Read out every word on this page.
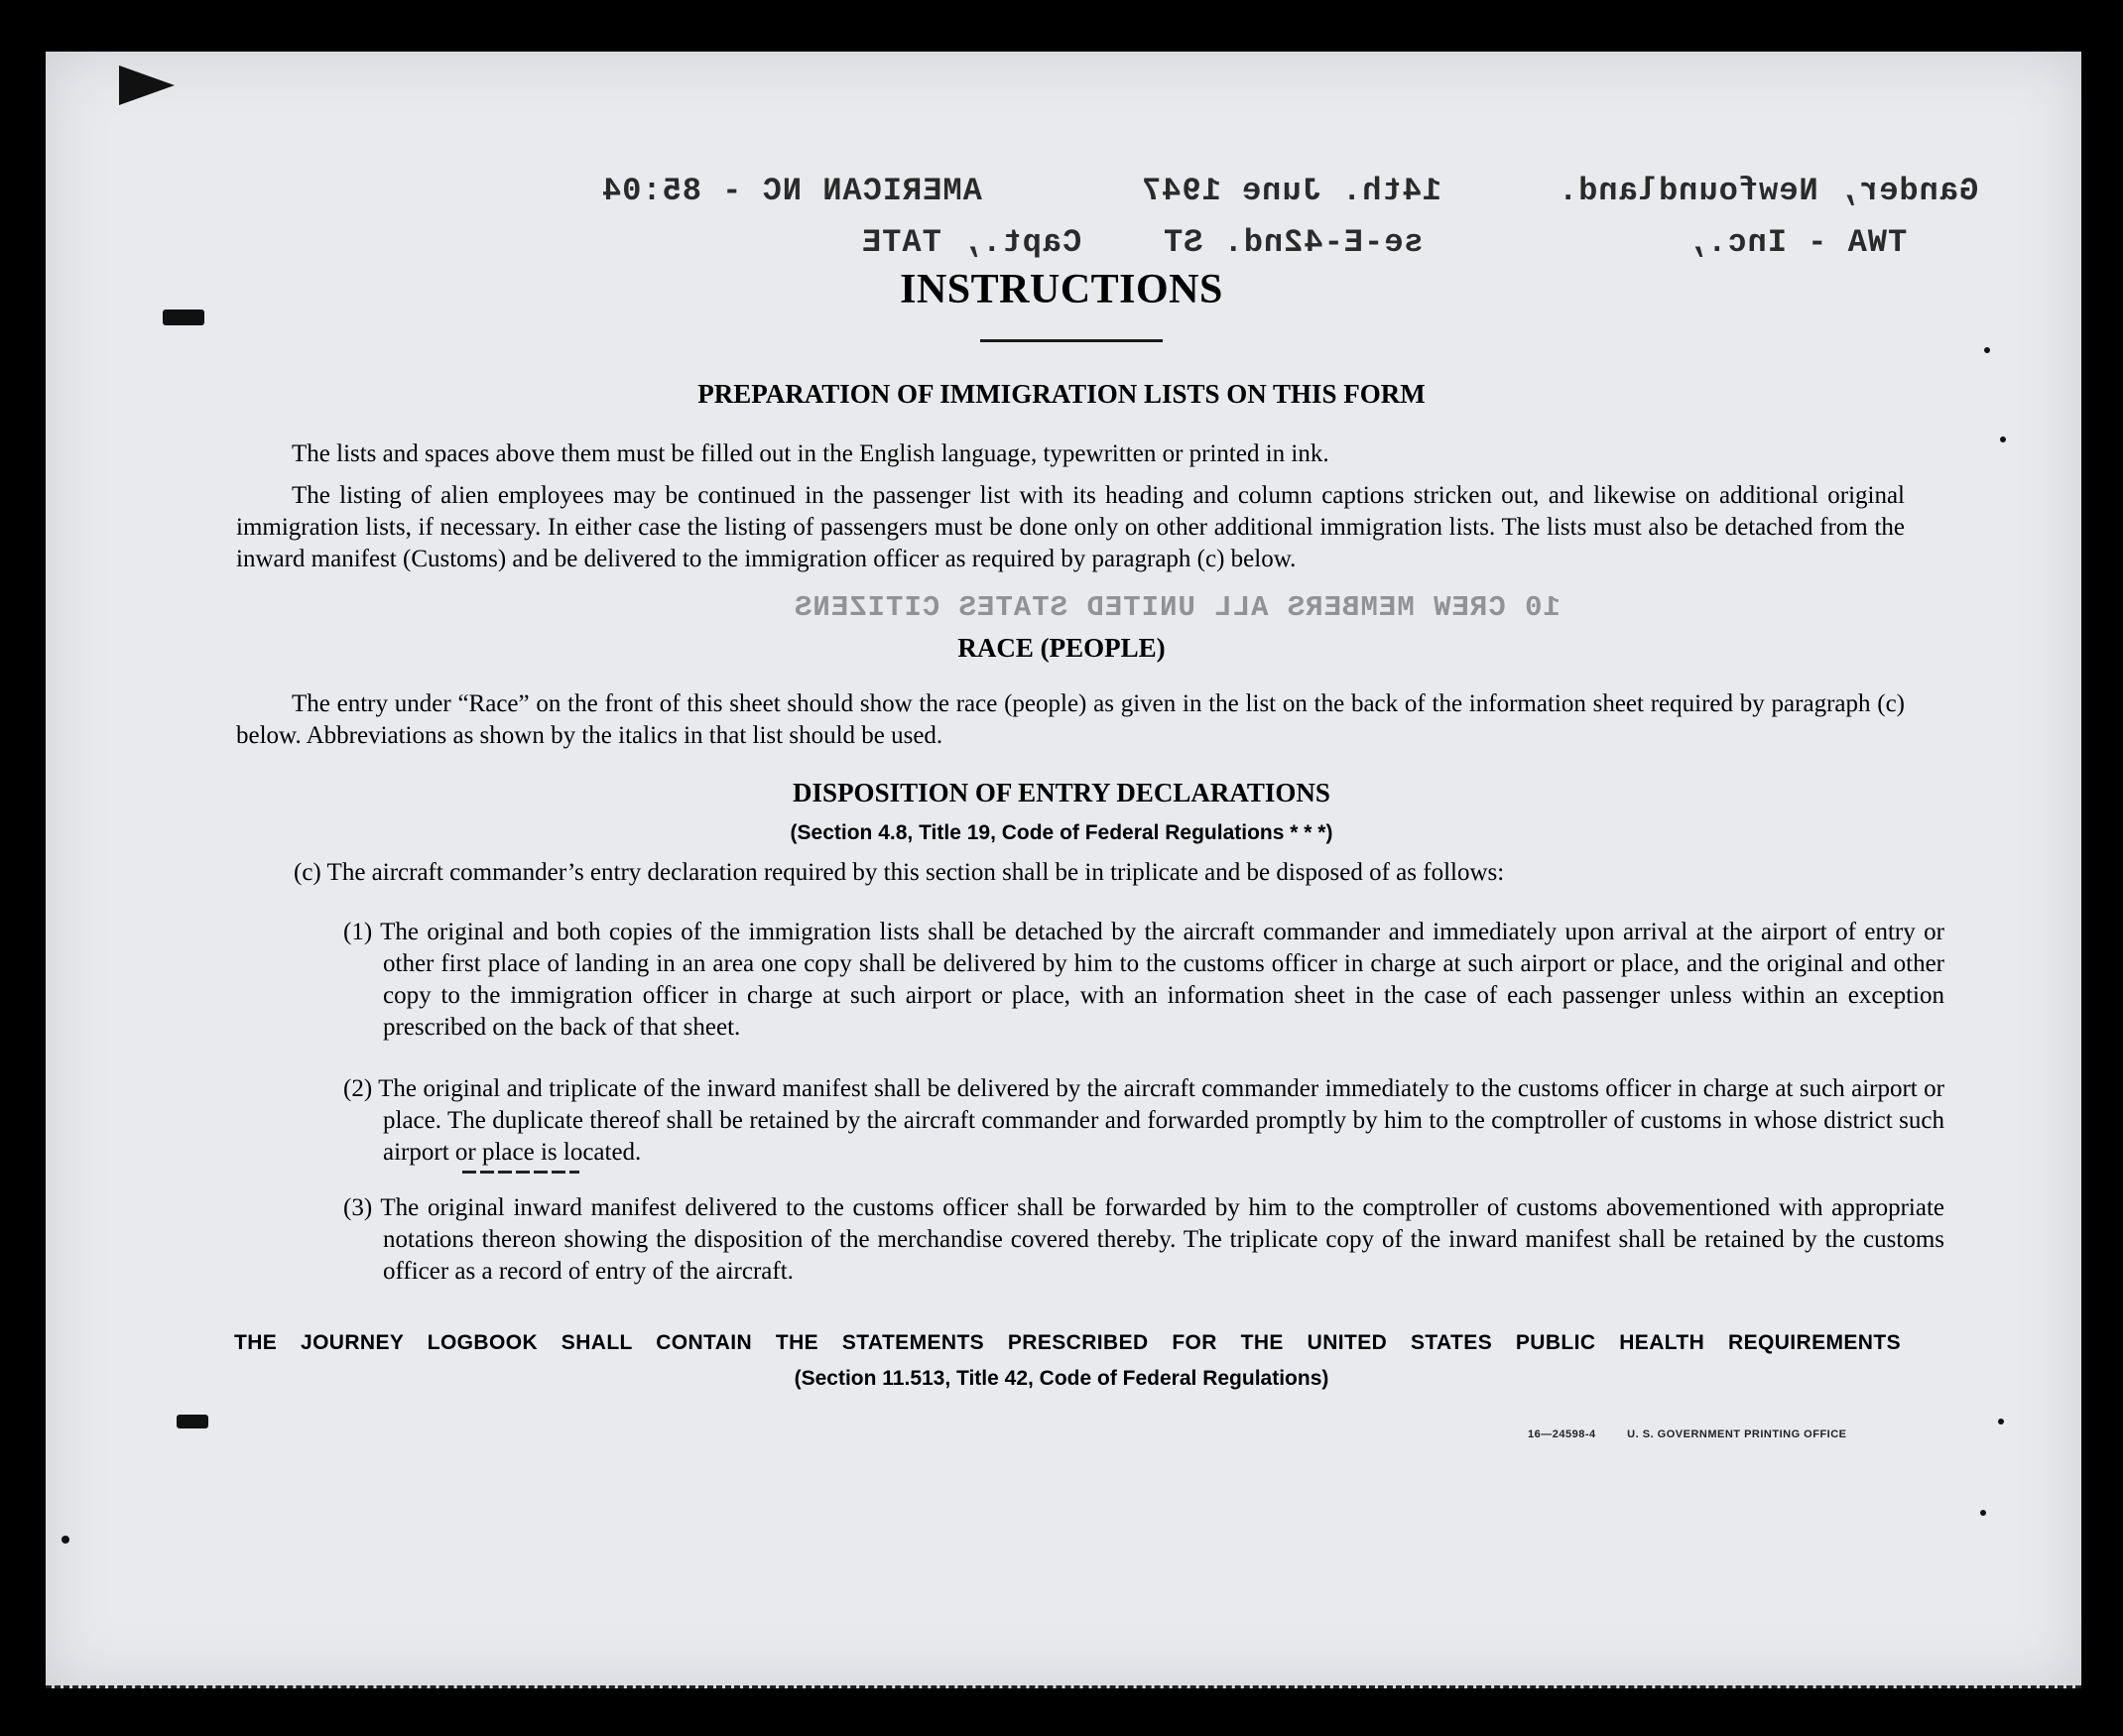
AMERICAN NC - 85:04	14th. June 1947	Gander, Newfoundland.
Capt., TATE	se-E-42nd. ST	TWA - Inc.,
10 CREW MEMBERS ALL UNITED STATES CITIZENS
INSTRUCTIONS
PREPARATION OF IMMIGRATION LISTS ON THIS FORM
The lists and spaces above them must be filled out in the English language, typewritten or printed in ink.
The listing of alien employees may be continued in the passenger list with its heading and column captions stricken out, and likewise on additional original immigration lists, if necessary. In either case the listing of passengers must be done only on other additional immigration lists. The lists must also be detached from the inward manifest (Customs) and be delivered to the immigration officer as required by paragraph (c) below.
RACE (PEOPLE)
The entry under “Race” on the front of this sheet should show the race (people) as given in the list on the back of the information sheet required by paragraph (c) below. Abbreviations as shown by the italics in that list should be used.
DISPOSITION OF ENTRY DECLARATIONS
(Section 4.8, Title 19, Code of Federal Regulations * * *)
(c) The aircraft commander’s entry declaration required by this section shall be in triplicate and be disposed of as follows:
(1) The original and both copies of the immigration lists shall be detached by the aircraft commander and immediately upon arrival at the airport of entry or other first place of landing in an area one copy shall be delivered by him to the customs officer in charge at such airport or place, and the original and other copy to the immigration officer in charge at such airport or place, with an information sheet in the case of each passenger unless within an exception prescribed on the back of that sheet.
(2) The original and triplicate of the inward manifest shall be delivered by the aircraft commander immediately to the customs officer in charge at such airport or place. The duplicate thereof shall be retained by the aircraft commander and forwarded promptly by him to the comptroller of customs in whose district such airport or place is located.
(3) The original inward manifest delivered to the customs officer shall be forwarded by him to the comptroller of customs abovementioned with appropriate notations thereon showing the disposition of the merchandise covered thereby. The triplicate copy of the inward manifest shall be retained by the customs officer as a record of entry of the aircraft.
THE JOURNEY LOGBOOK SHALL CONTAIN THE STATEMENTS PRESCRIBED FOR THE UNITED STATES PUBLIC HEALTH REQUIREMENTS
(Section 11.513, Title 42, Code of Federal Regulations)
16—24598-4	U. S. GOVERNMENT PRINTING OFFICE
